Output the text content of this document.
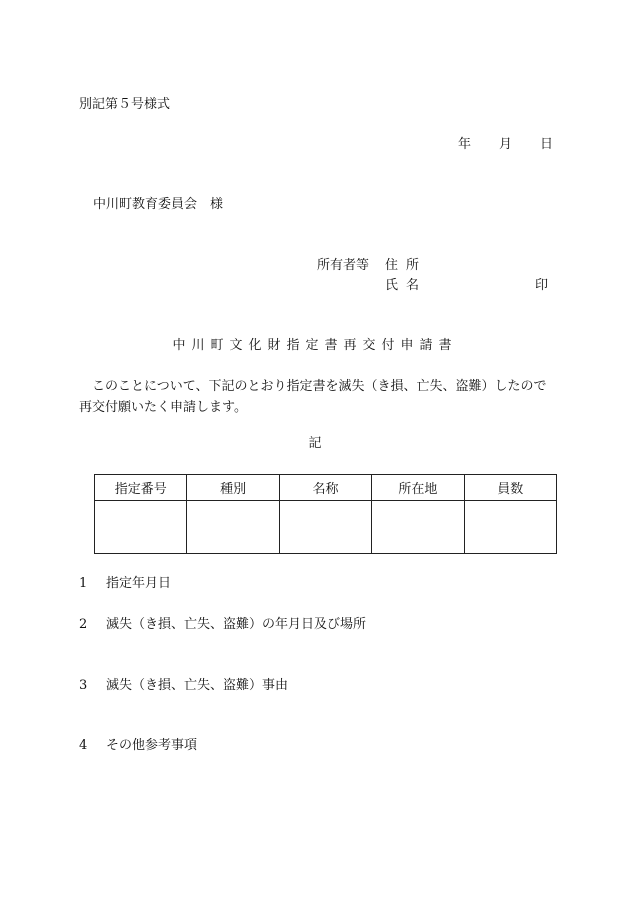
別記第５号様式
年 月 日
中川町教育委員会　様
所有者等 住所
氏名	印
中川町文化財指定書再交付申請書
このことについて、下記のとおり指定書を滅失（き損、亡失、盗難）したので再交付願いたく申請します。
記
指定番号	種別	名称	所在地	員数

1 指定年月日
2 滅失（き損、亡失、盗難）の年月日及び場所
3 滅失（き損、亡失、盗難）事由
4 その他参考事項
